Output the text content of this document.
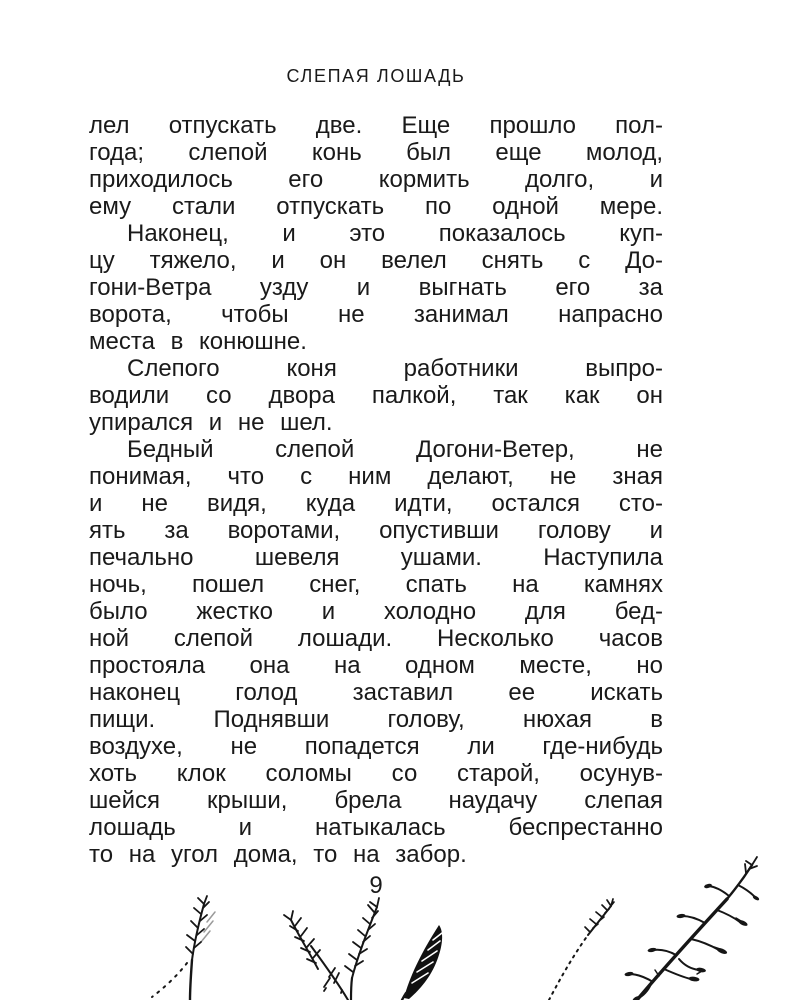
СЛЕПАЯ ЛОШАДЬ
лел отпускать две. Еще прошло пол-
года; слепой конь был еще молод,
приходилось его кормить долго, и
ему стали отпускать по одной мере.
Наконец, и это показалось куп-
цу тяжело, и он велел снять с До-
гони-Ветра узду и выгнать его за
ворота, чтобы не занимал напрасно
места в конюшне.
Слепого коня работники выпро-
водили со двора палкой, так как он
упирался и не шел.
Бедный слепой Догони-Ветер, не
понимая, что с ним делают, не зная
и не видя, куда идти, остался сто-
ять за воротами, опустивши голову и
печально шевеля ушами. Наступила
ночь, пошел снег, спать на камнях
было жестко и холодно для бед-
ной слепой лошади. Несколько часов
простояла она на одном месте, но
наконец голод заставил ее искать
пищи. Поднявши голову, нюхая в
воздухе, не попадется ли где-нибудь
хоть клок соломы со старой, осунув-
шейся крыши, брела наудачу слепая
лошадь и натыкалась беспрестанно
то на угол дома, то на забор.
9
